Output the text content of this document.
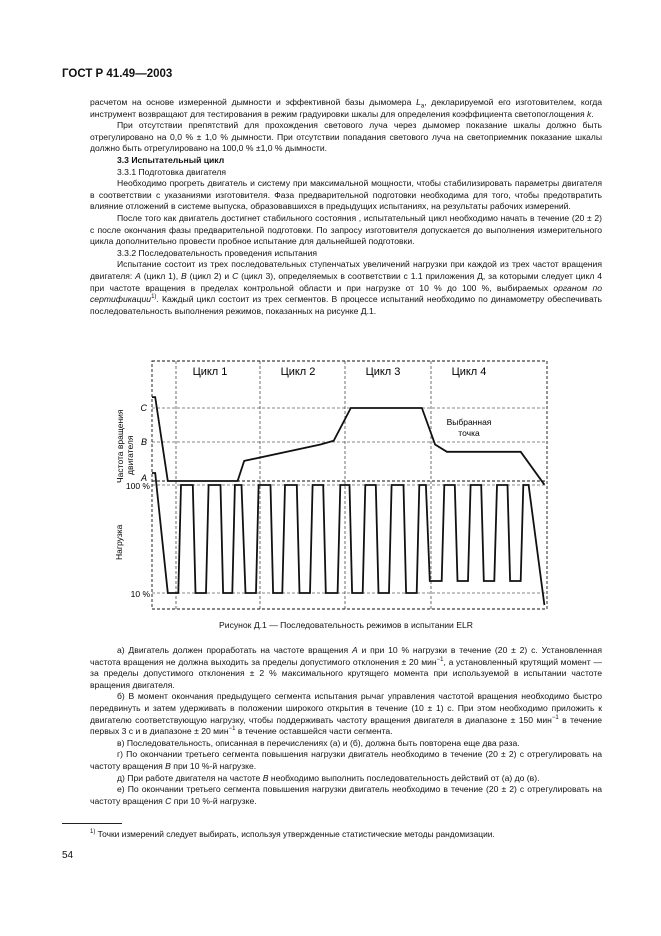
ГОСТ Р 41.49—2003

расчетом на основе измеренной дымности и эффективной базы дымомера $L_a$, декларируемой его изготовителем, когда инструмент возвращают для тестирования в режим градуировки шкалы для определения коэффициента светопоглощения k.

При отсутствии препятствий для прохождения светового луча через дымомер показание шкалы должно быть отрегулировано на 0,0 % ± 1,0 % дымности. При отсутствии попадания светового луча на светоприемник показание шкалы должно быть отрегулировано на 100,0 % ±1,0 % дымности.

3.3 Испытательный цикл

3.3.1 Подготовка двигателя

Необходимо прогреть двигатель и систему при максимальной мощности, чтобы стабилизировать параметры двигателя в соответствии с указаниями изготовителя. Фаза предварительной подготовки необходима для того, чтобы предотвратить влияние отложений в системе выпуска, образовавшихся в предыдущих испытаниях, на результаты рабочих измерений.

После того как двигатель достигнет стабильного состояния , испытательный цикл необходимо начать в течение (20 ± 2) с после окончания фазы предварительной подготовки. По запросу изготовителя допускается до выполнения измерительного цикла дополнительно провести пробное испытание для дальнейшей подготовки.

3.3.2 Последовательность проведения испытания

Испытание состоит из трех последовательных ступенчатых увеличений нагрузки при каждой из трех частот вращения двигателя: A (цикл 1), B (цикл 2) и C (цикл 3), определяемых в соответствии с 1.1 приложения Д, за которыми следует цикл 4 при частоте вращения в пределах контрольной области и при нагрузке от 10 % до 100 %, выбираемых органом по сертификации$^{1)}$. Каждый цикл состоит из трех сегментов. В процессе испытаний необходимо по динамометру обеспечивать последовательность выполнения режимов, показанных на рисунке Д.1.

Цикл 1	Цикл 2	Цикл 3	Цикл 4
C
B
A
100 %
10 %
Частота вращения двигателя
Нагрузка
Выбранная
точка
Рисунок Д.1 — Последовательность режимов в испытании ELR

а) Двигатель должен проработать на частоте вращения A и при 10 % нагрузки в течение (20 ± 2) с. Установленная частота вращения не должна выходить за пределы допустимого отклонения ± 20 мин$^{-1}$, а установленный крутящий момент — за пределы допустимого отклонения ± 2 % максимального крутящего момента при используемой в испытании частоте вращения двигателя.

б) В момент окончания предыдущего сегмента испытания рычаг управления частотой вращения необходимо быстро передвинуть и затем удерживать в положении широкого открытия в течение (10 ± 1) с. При этом необходимо приложить к двигателю соответствующую нагрузку, чтобы поддерживать частоту вращения двигателя в диапазоне ± 150 мин$^{-1}$ в течение первых 3 с и в диапазоне ± 20 мин$^{-1}$ в течение оставшейся части сегмента.

в) Последовательность, описанная в перечислениях (а) и (б), должна быть повторена еще два раза.

г) По окончании третьего сегмента повышения нагрузки двигатель необходимо в течение (20 ± 2) с отрегулировать на частоту вращения B при 10 %-й нагрузке.

д) При работе двигателя на частоте B необходимо выполнить последовательность действий от (а) до (в).

е) По окончании третьего сегмента повышения нагрузки двигатель необходимо в течение (20 ± 2) с отрегулировать на частоту вращения C при 10 %-й нагрузке.

$^{1)}$ Точки измерений следует выбирать, используя утвержденные статистические методы рандомизации.
54
